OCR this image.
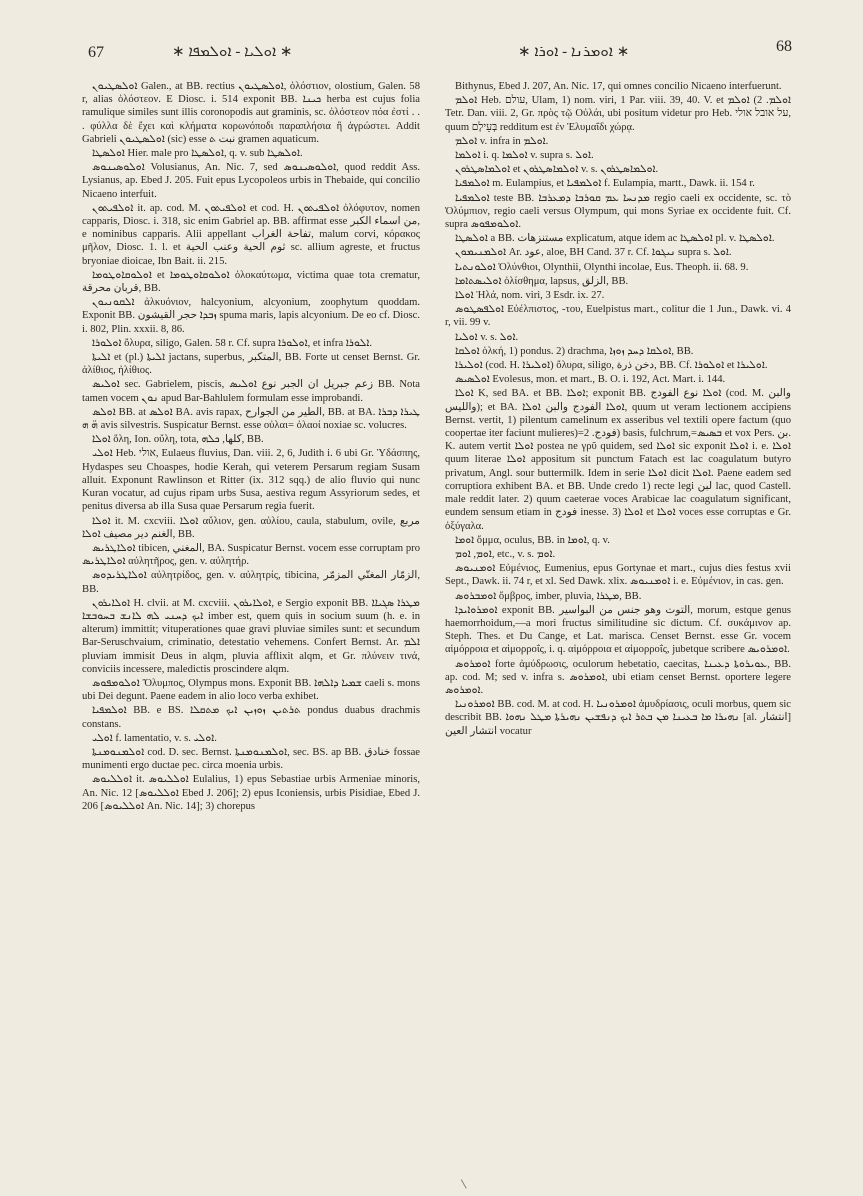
67	∗ ܐܘܠܝܐ - ܐܘܠܡܦܐ ∗	∗ ܐܘܡܪܢܐ - ܐܘܪܐ ∗	68

ܐܘܠܣܛܝܘܢ Galen., at BB. rectius ܐܘܠܣܛܝܘܢ, ὀλόστιον, olostium, Galen. 58 r, alias ὀλόστεον. E Diosc. i. 514 exponit BB. ܟܝܢܐ herba est cujus folia ramulique similes sunt illis coronopodis aut graminis, sc. ὀλόστεον πόα ἐστί . . . φύλλα δὲ ἔχει καὶ κλήματα κορωνόποδι παραπλήσια ἢ ἀγρώστει. Addit Gabrieli ܐܘܠܣܛܝܘܢ (sic) esse نبت ܬ gramen aquaticum.

ܐܘܠܣܛܐ Hier. male pro ܐܘܠܣܛܐ, q. v. sub ܐܘܠܣܛܐ.

ܐܘܠܘܣܝܢܘܣ Volusianus, An. Nic. 7, sed ܐܘܠܘܣܝܢܘܣ, quod reddit Ass. Lysianus, ap. Ebed J. 205. Fuit epus Lycopoleos urbis in Thebaide, qui concilio Nicaeno interfuit.

ܐܘܠܦܝܬܘܢ it. ap. cod. M. ܐܘܠܦܝܬܘܢ et cod. H. ܐܘܠܦܝܬܘܢ ὀλόφυτον, nomen capparis, Diosc. i. 318, sic enim Gabriel ap. BB. affirmat esse من اسماء الكبر, e nominibus capparis. Alii appellant تفاحة الغراب, malum corvi, κόρακος μῆλον, Diosc. 1. l. et ثوم الحية وعنب الحية sc. allium agreste, et fructus bryoniae dioicae, Ibn Bait. ii. 215.

ܐܘܠܘܩܐܘܛܘܡܐ et ܐܘܠܘܩܐܘܛܘܡܐ ὁλοκαύτωμα, victima quae tota crematur, قربان محرقة, BB.

ܐܠܩܘܢܝܘܢ ἀλκυόνιον, halcyonium, alcyonium, zoophytum quoddam. Exponit BB. ܙܒܕܐ حجر القيشون spuma maris, lapis alcyonium. De eo cf. Diosc. i. 802, Plin. xxxii. 8, 86.

ܐܘܠܘܪܐ ὄλυρα, siligo, Galen. 58 r. Cf. supra ܐܘܠܘܪܐ, et infra ܐܠܘܪܐ.

ܐܠܝܬܐ et (pl.) ܐܠܝܬܐ jactans, superbus, المتكبر, BB. Forte ut censet Bernst. Gr. ἀλίθιος, ἠλίθιος.

ܐܘܠܝܣ sec. Gabrielem, piscis, زعم جبريل ان الجبر نوع ܐܘܠܝܣ BB. Nota tamen vocem ܢܘܢ apud Bar-Bahlulem formulam esse improbandi.

ܐܘܠܣ BB. at ܐܘܠܣ BA. avis rapax, الطير من الجوارح, BB. at BA. ܛܝܪܐ ܕܒܪܐ ܗ̈ ܗ avis silvestris. Suspicatur Bernst. esse οὐλαι= ὀλαοί noxiae sc. volucres.

ܐܘܠܐ ὅλη, Ion. οὔλη, tota, كلها, ܟܠܗ, BB.

ܐܘܠܝ Heb. אולי, Eulaeus fluvius, Dan. viii. 2, 6, Judith i. 6 ubi Gr. Ὑδάσπης, Hydaspes seu Choaspes, hodie Kerah, qui veterem Persarum regiam Susam alluit. Exponunt Rawlinson et Ritter (ix. 312 sqq.) de alio fluvio qui nunc Kuran vocatur, ad cujus ripam urbs Susa, aestiva regum Assyriorum sedes, et penitus diversa ab illa Susa quae Persarum regia fuerit.

ܐܘܠܐ it. M. cxcviii. ܐܘܠܐ αὔλιον, gen. αὐλίου, caula, stabulum, ovile, مربع الغنم دير مصيف ܐܘܠܐ, BB.

ܐܘܠܐܛܪܝܣ tibicen, المغني, BA. Suspicatur Bernst. vocem esse corruptam pro ܐܘܠܐܛܪܝܣ αὐλητῆρος, gen. v. αὐλητήρ.

ܐܘܠܐܛܪܝܕܘܣ αὐλητρίδος, gen. v. αὐλητρίς, tibicina, الزمّار المغنّي المزمّر, BB.

ܐܘܠܐܝܪܘܢ H. clvii. at M. cxcviii. ܐܘܠܐܝܪܘܢ, e Sergio exponit BB. ܡܛܪܐ ܣܓܝܐܐ ܐܝܟ ܕܚܢܝ ܠܗ ܠܐܢܫ ܒܚܘܒܫܐ imber est, quem quis in socium suum (h. e. in alterum) immittit; vituperationes quae gravi pluviae similes sunt: et secundum Bar-Seruschvaium, criminatio, detestatio vehemens. Confert Bernst. Ar. ܐܠܡ pluviam immisit Deus in alqm, pluvia afflixit alqm, et Gr. πλύνειν τινά, conviciis incessere, maledictis proscindere alqm.

ܐܘܠܘܡܦܘܣ Ὄλυμπος, Olympus mons. Exponit BB. ܫܡܝܐ ܕܐܠܗܐ caeli s. mons ubi Dei degunt. Paene eadem in alio loco verba exhibet.

ܐܘܠܡܦܝܐ BB. e BS. ܬܪܬܝܢ ܙܘܙܝܢ ܐܝܟ ܡܬܩܠܐ pondus duabus drachmis constans.

ܐܘܠܝ f. lamentatio, v. s. ܐܘܠܝ.

ܐܘܠܡܢܘܡܢܬܐ cod. D. sec. Bernst. ܐܘܠܡܢܘܡܢܬܐ, sec. BS. ap BB. خنادق fossae munimenti ergo ductae pec. circa moenia urbis.

ܐܘܠܠܝܘܣ it. ܐܘܠܠܝܘܣ Eulalius, 1) epus Sebastiae urbis Armeniae minoris, An. Nic. 12 [ܐܘܠܠܝܘܣ Ebed J. 206]; 2) epus Iconiensis, urbis Pisidiae, Ebed J. 206 [ܐܘܠܠܝܘܣ An. Nic. 14]; 3) chorepus

Bithynus, Ebed J. 207, An. Nic. 17, qui omnes concilio Nicaeno interfuerunt.

ܐܘܠܡ Heb. עולם, Ulam, 1) nom. viri, 1 Par. viii. 39, 40. V. et ܐܘܠܡ. 2) ܐܘܠܡ Tetr. Dan. viii. 2, Gr. πρὸς τῷ Οὐλάι, ubi positum videtur pro Heb. על אובל אולי, quum בְּעֵילָם redditum est ἐν Ἐλυμαΐδι χώρᾳ.

ܐܘܠܡ v. infra in ܐܘܠܡ.

ܐܘܠܡܐ i. q. ܐܘܠܡܐ v. supra s. ܐܘܠ.

ܐܘܠܡܐܣܛܪܘܢ et ܐܘܠܡܐܣܛܪܘܢ v. s. ܐܘܠܡܐܣܛܪܘܢ.

ܐܘܠܡܦܝܐ m. Eulampius, et ܐܘܠܡܦܝܐ f. Eulampia, martt., Dawk. ii. 154 r.

ܐܘܠܡܦܝܐ teste BB. ܡܕܢܚܐ ܥܡ ܩܘܪܒܐ ܕܡܥܪܒܐ regio caeli ex occidente, sc. τὸ Ὀλύμπιον, regio caeli versus Olympum, qui mons Syriae ex occidente fuit. Cf. supra ܐܘܠܘܡܦܘܣ.

ܐܘܠܣܛܐ a BB. مستنزهات explicatum, atque idem ac ܐܘܠܣܛܐ pl. v. ܐܘܠܣܛܐ.

ܐܘܠܡܢܝܡܘܢ Ar. عود, aloe, BH Cand. 37 r. Cf. ܢܝܓܘܐ supra s. ܐܘܠ.

ܐܘܠܘܢܬܝܐ Ὀλύνθιοι, Olynthii, Olynthi incolae, Eus. Theoph. ii. 68. 9.

ܐܘܠܝܣܬܐܡܐ ὀλίσθημα, lapsus, الزلق, BB.

ܐܘܠܐ Ἠλά, nom. viri, 3 Esdr. ix. 27.

ܐܘܠܦܣܛܘܣ Εὐέλπιστος, -του, Euelpistus mart., colitur die 1 Jun., Dawk. vi. 4 r, vii. 99 v.

ܐܘܠܝܐ v. s. ܐܘܠ.

ܐܘܠܩܐ ὁλκή, 1) pondus. 2) drachma, ܐܘܠܩܐ ܕܚܕ ܙܘܙܐ, BB.

ܐܘܠܝܪܐ (cod. H. ܐܘܠܝܪܐ) ὄλυρα, siligo, دخن ذرة, BB. Cf. ܐܘܠܘܪܐ et ܐܘܠܝܪܐ.

ܐܘܠܣܝܣ Evolesus, mon. et mart., B. O. i. 192, Act. Mart. i. 144.

ܐܘܠܐ K, sed BA. et BB. ܐܘܠܐ; exponit BB. ܐܘܠܐ نوع الفودج (cod. M. والبن والليس); et BA. ܐܘܠܐ الفودج والبن ܐܘܠܐ, quum ut veram lectionem accipiens Bernst. vertit, 1) pilentum camelinum ex asseribus vel textili opere factum (quo coopertae iter faciunt mulieres)=فودج. 2) basis, fulchrum,=ܒܣܝܣ et vox Pers. بن. K. autem vertit ܐܘܠܐ postea ne γρῦ quidem, sed ܐܘܠܐ sic exponit ܐܘܠܐ i. e. ܐܘܠܐ quum literae ܐܘܠܐ appositum sit punctum Fatach est lac coagulatum butyro privatum, Angl. sour buttermilk. Idem in serie ܐܘܠܐ dicit ܐܘܠܐ. Paene eadem sed corruptiora exhibent BA. et BB. Unde credo 1) recte legi لبن lac, quod Castell. male reddit later. 2) quum caeterae voces Arabicae lac coagulatum significant, eundem sensum etiam in فودج inesse. 3) ܐܘܠܐ et ܐܘܠܐ voces esse corruptas e Gr. ὀξύγαλα.

ܐܘܡܐ ὄμμα, oculus, BB. in ܐܘܡܐ, q. v.

ܐܘܡ, ܐܘܡ, etc., v. s. ܐܘܡ.

ܐܘܡܢܝܘܣ Εὐμένιος, Eumenius, epus Gortynae et mart., cujus dies festus xvii Sept., Dawk. ii. 74 r, et xl. Sed Dawk. xlix. ܐܘܡܢܝܘܣ i. e. Εὐμένιον, in cas. gen.

ܐܘܡܒܪܘܣ ὄμβρος, imber, pluvia, ܡܛܪܐ, BB.

ܐܘܡܪܘܐܝܕܐ exponit BB. التوت وهو جنس من البواسير, morum, estque genus haemorrhoidum,—a mori fructus similitudine sic dictum. Cf. συκάμινον ap. Steph. Thes. et Du Cange, et Lat. marisca. Censet Bernst. esse Gr. vocem αἱμόρροια et αἱμορροΐς, i. q. αἱμόρροια et αἱμορροΐς, jubetque scribere ܐܘܡܪܘܝܣ.

ܐܘܡܪܘܣ forte ἀμύδρωσις, oculorum hebetatio, caecitas, ܥܘܝܪܘܬܐ ܕܥܝܢܐ, BB. ap. cod. M; sed v. infra s. ܐܘܡܪܘܣ, ubi etiam censet Bernst. oportere legere ܐܘܡܪܘܣ.

ܐܘܡܪܘܢܝܐ BB. cod. M. at cod. H. ܐܘܡܪܘܢܝܐ ἀμυδρίασις, oculi morbus, quem sic describit BB. ܢܗܝܪܐ ܡܐ ܒܥܝܢܐ ܡܢ ܒܬܪ ܐܝܟ ܕܢܦܫܝܢ ܢܗܝܪܬܐ ܡܛܠ ܢܗܘܐ [al. انتشار] انتشار العين vocatur
